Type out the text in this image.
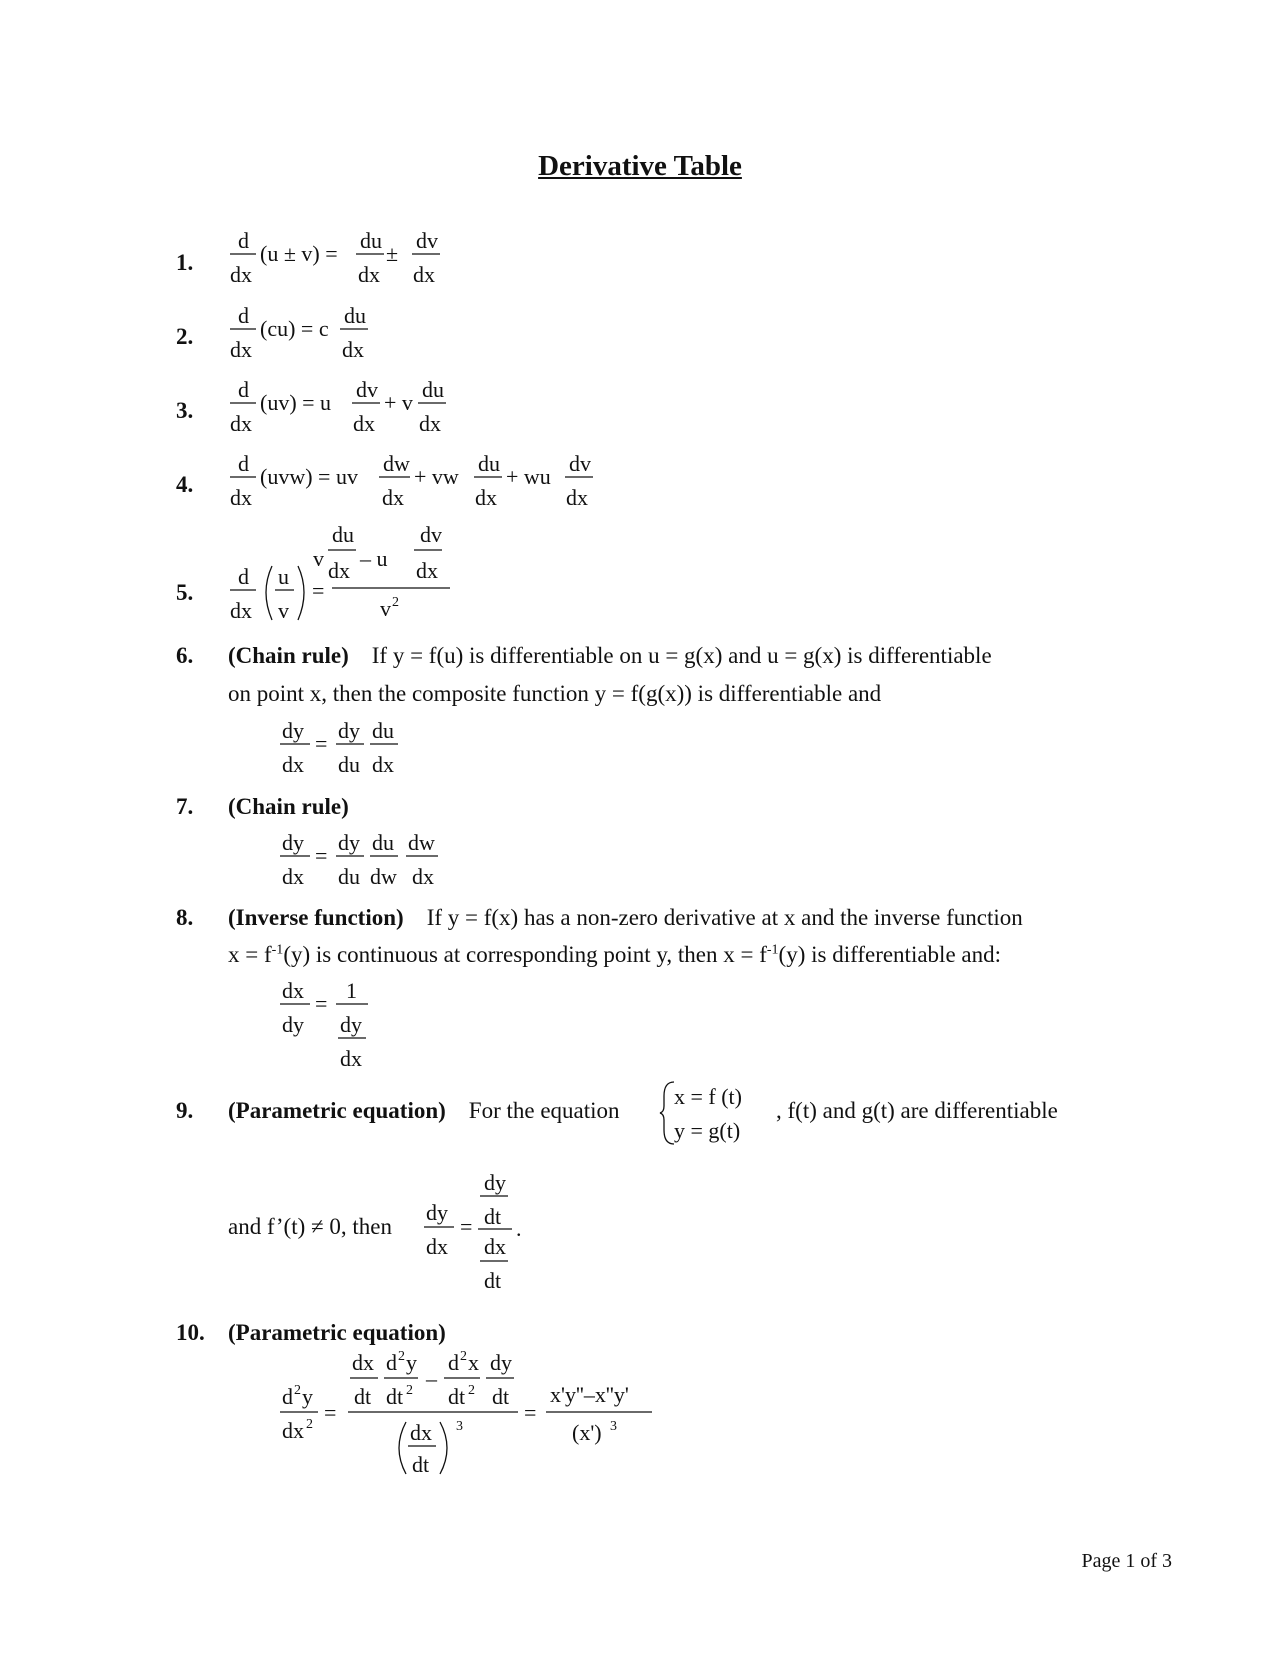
Derivative Table
1.
d
dx
(u ± v) =
du
dx
±
dv
dx
2.
d
dx
(cu) = c
du
dx
3.
d
dx
(uv) = u
dv
dx
+ v
du
dx
4.
d
dx
(uvw) = uv
dw
dx
+ vw
du
dx
+ wu
dv
dx
5.
d
dx
u
v
=
du
v dx – u
dv
dx
v 2
6. (Chain rule) If y = f(u) is differentiable on u = g(x) and u = g(x) is differentiable
on point x, then the composite function y = f(g(x)) is differentiable and
dy
dx
=
dy
du
du
dx
7. (Chain rule)
dy
dx
=
dy
du
du
dw
dw
dx
8. (Inverse function) If y = f(x) has a non-zero derivative at x and the inverse function
$x = f^{-1}(y)$ is continuous at corresponding point y, then $x = f^{-1}(y)$ is differentiable and:
dx
dy
=
1
dy
dx
9. (Parametric equation) For the equation
x = f (t)
y = g(t)
, f(t) and g(t) are differentiable
and f’(t) ≠ 0, then
dy
dx
=
dy
dt
dx
dt
.
10. (Parametric equation)
d 2 y
dx 2 =
dx
dt
d 2 y
dt 2 –
d 2 x
dt 2
dy
dt
dx
dt
3
=
x'y''–x''y'
(x') 3
Page 1 of 3
